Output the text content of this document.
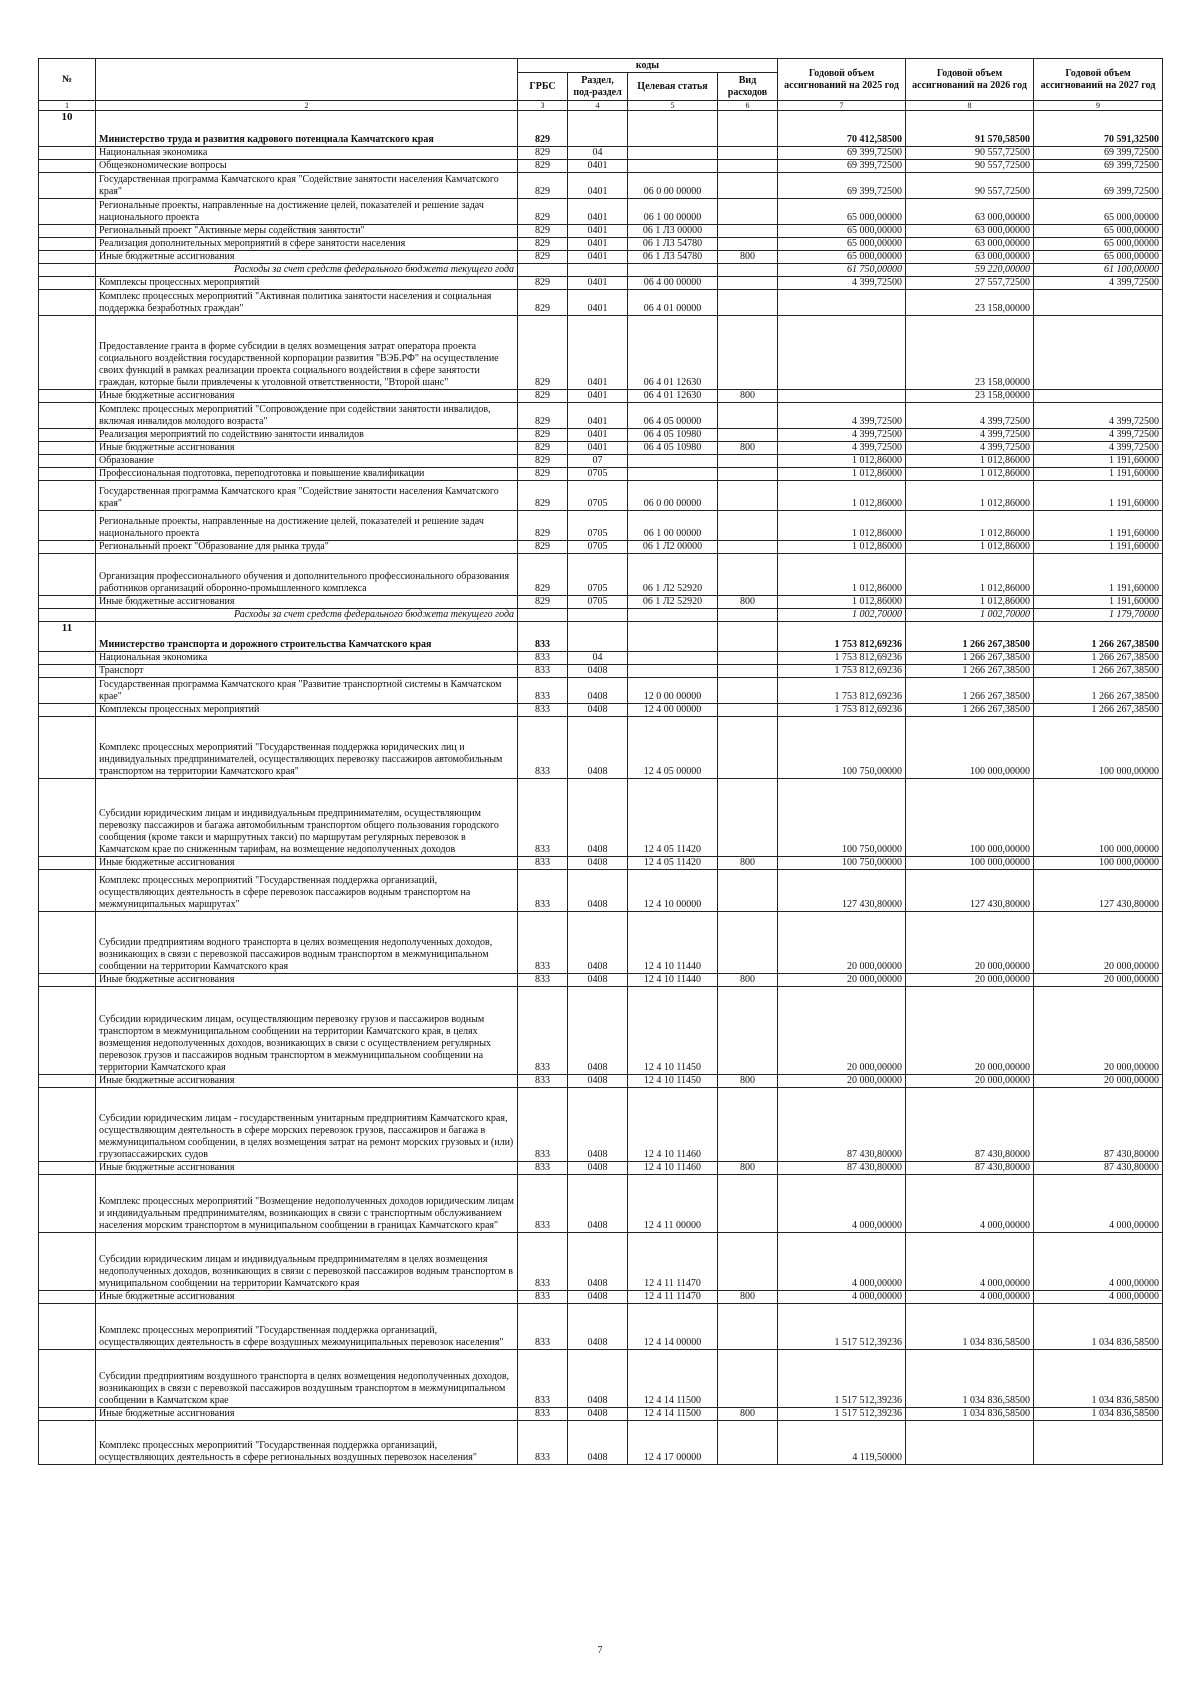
№		коды				Годовой объем ассигнований на 2025 год	Годовой объем ассигнований на 2026 год	Годовой объем ассигнований на 2027 год
		ГРБС	Раздел, под-раздел	Целевая статья	Вид расходов			
1	2	3	4	5	6	7	8	9
10	Министерство труда и развития кадрового потенциала Камчатского края	829				70 412,58500	91 570,58500	70 591,32500
	Национальная экономика	829	04			69 399,72500	90 557,72500	69 399,72500
	Общеэкономические вопросы	829	0401			69 399,72500	90 557,72500	69 399,72500
	Государственная программа Камчатского края "Содействие занятости населения Камчатского края"	829	0401	06 0 00 00000		69 399,72500	90 557,72500	69 399,72500
	Региональные проекты, направленные на достижение целей, показателей и решение задач национального проекта	829	0401	06 1 00 00000		65 000,00000	63 000,00000	65 000,00000
	Региональный проект "Активные меры содействия занятости"	829	0401	06 1 Л3 00000		65 000,00000	63 000,00000	65 000,00000
	Реализация дополнительных мероприятий в сфере занятости населения	829	0401	06 1 Л3 54780		65 000,00000	63 000,00000	65 000,00000
	Иные бюджетные ассигнования	829	0401	06 1 Л3 54780	800	65 000,00000	63 000,00000	65 000,00000
	Расходы за счет средств федерального бюджета текущего года					61 750,00000	59 220,00000	61 100,00000
	Комплексы процессных мероприятий	829	0401	06 4 00 00000		4 399,72500	27 557,72500	4 399,72500
	Комплекс процессных мероприятий "Активная политика занятости населения и социальная поддержка безработных граждан"	829	0401	06 4 01 00000			23 158,00000	
	Предоставление гранта в форме субсидии в целях возмещения затрат оператора проекта социального воздействия государственной корпорации развития "ВЭБ.РФ" на осуществление своих функций в рамках реализации проекта социального воздействия в сфере занятости граждан, которые были привлечены к уголовной ответственности, "Второй шанс"	829	0401	06 4 01 12630			23 158,00000	
	Иные бюджетные ассигнования	829	0401	06 4 01 12630	800		23 158,00000	
	Комплекс процессных мероприятий "Сопровождение при содействии занятости инвалидов, включая инвалидов молодого возраста"	829	0401	06 4 05 00000		4 399,72500	4 399,72500	4 399,72500
	Реализация мероприятий по содействию занятости инвалидов	829	0401	06 4 05 10980		4 399,72500	4 399,72500	4 399,72500
	Иные бюджетные ассигнования	829	0401	06 4 05 10980	800	4 399,72500	4 399,72500	4 399,72500
	Образование	829	07			1 012,86000	1 012,86000	1 191,60000
	Профессиональная подготовка, переподготовка и повышение квалификации	829	0705			1 012,86000	1 012,86000	1 191,60000
	Государственная программа Камчатского края "Содействие занятости населения Камчатского края"	829	0705	06 0 00 00000		1 012,86000	1 012,86000	1 191,60000
	Региональные проекты, направленные на достижение целей, показателей и решение задач национального проекта	829	0705	06 1 00 00000		1 012,86000	1 012,86000	1 191,60000
	Региональный проект "Образование для рынка труда"	829	0705	06 1 Л2 00000		1 012,86000	1 012,86000	1 191,60000
	Организация профессионального обучения и дополнительного профессионального образования работников организаций оборонно-промышленного комплекса	829	0705	06 1 Л2 52920		1 012,86000	1 012,86000	1 191,60000
	Иные бюджетные ассигнования	829	0705	06 1 Л2 52920	800	1 012,86000	1 012,86000	1 191,60000
	Расходы за счет средств федерального бюджета текущего года					1 002,70000	1 002,70000	1 179,70000
11	Министерство транспорта и дорожного строительства Камчатского края	833				1 753 812,69236	1 266 267,38500	1 266 267,38500
	Национальная экономика	833	04			1 753 812,69236	1 266 267,38500	1 266 267,38500
	Транспорт	833	0408			1 753 812,69236	1 266 267,38500	1 266 267,38500
	Государственная программа Камчатского края "Развитие транспортной системы в Камчатском крае"	833	0408	12 0 00 00000		1 753 812,69236	1 266 267,38500	1 266 267,38500
	Комплексы процессных мероприятий	833	0408	12 4 00 00000		1 753 812,69236	1 266 267,38500	1 266 267,38500
	Комплекс процессных мероприятий "Государственная поддержка юридических лиц и индивидуальных предпринимателей, осуществляющих перевозку пассажиров автомобильным транспортом на территории Камчатского края"	833	0408	12 4 05 00000		100 750,00000	100 000,00000	100 000,00000
	Субсидии юридическим лицам и индивидуальным предпринимателям, осуществляющим перевозку пассажиров и багажа автомобильным транспортом общего пользования городского сообщения (кроме такси и маршрутных такси) по маршрутам регулярных перевозок в Камчатском крае по сниженным тарифам, на возмещение недополученных доходов	833	0408	12 4 05 11420		100 750,00000	100 000,00000	100 000,00000
	Иные бюджетные ассигнования	833	0408	12 4 05 11420	800	100 750,00000	100 000,00000	100 000,00000
	Комплекс процессных мероприятий "Государственная поддержка организаций, осуществляющих деятельность в сфере перевозок пассажиров водным транспортом на межмуниципальных маршрутах"	833	0408	12 4 10 00000		127 430,80000	127 430,80000	127 430,80000
	Субсидии предприятиям водного транспорта в целях возмещения недополученных доходов, возникающих в связи с перевозкой пассажиров водным транспортом в межмуниципальном сообщении на территории Камчатского края	833	0408	12 4 10 11440		20 000,00000	20 000,00000	20 000,00000
	Иные бюджетные ассигнования	833	0408	12 4 10 11440	800	20 000,00000	20 000,00000	20 000,00000
	Субсидии юридическим лицам, осуществляющим перевозку грузов и пассажиров водным транспортом в межмуниципальном сообщении на территории Камчатского края, в целях возмещения недополученных доходов, возникающих в связи с осуществлением регулярных перевозок грузов и пассажиров водным транспортом в межмуниципальном сообщении на территории Камчатского края	833	0408	12 4 10 11450		20 000,00000	20 000,00000	20 000,00000
	Иные бюджетные ассигнования	833	0408	12 4 10 11450	800	20 000,00000	20 000,00000	20 000,00000
	Субсидии юридическим лицам - государственным унитарным предприятиям Камчатского края, осуществляющим деятельность в сфере морских перевозок грузов, пассажиров и багажа в межмуниципальном сообщении, в целях возмещения затрат на ремонт морских грузовых и (или) грузопассажирских судов	833	0408	12 4 10 11460		87 430,80000	87 430,80000	87 430,80000
	Иные бюджетные ассигнования	833	0408	12 4 10 11460	800	87 430,80000	87 430,80000	87 430,80000
	Комплекс процессных мероприятий "Возмещение недополученных доходов юридическим лицам и индивидуальным предпринимателям, возникающих в связи с транспортным обслуживанием населения морским транспортом в муниципальном сообщении в границах Камчатского края"	833	0408	12 4 11 00000		4 000,00000	4 000,00000	4 000,00000
	Субсидии юридическим лицам и индивидуальным предпринимателям в целях возмещения недополученных доходов, возникающих в связи с перевозкой пассажиров водным транспортом в муниципальном сообщении на территории Камчатского края	833	0408	12 4 11 11470		4 000,00000	4 000,00000	4 000,00000
	Иные бюджетные ассигнования	833	0408	12 4 11 11470	800	4 000,00000	4 000,00000	4 000,00000
	Комплекс процессных мероприятий "Государственная поддержка организаций, осуществляющих деятельность в сфере воздушных межмуниципальных перевозок населения"	833	0408	12 4 14 00000		1 517 512,39236	1 034 836,58500	1 034 836,58500
	Субсидии предприятиям воздушного транспорта в целях возмещения недополученных доходов, возникающих в связи с перевозкой пассажиров воздушным транспортом в межмуниципальном сообщении в Камчатском крае	833	0408	12 4 14 11500		1 517 512,39236	1 034 836,58500	1 034 836,58500
	Иные бюджетные ассигнования	833	0408	12 4 14 11500	800	1 517 512,39236	1 034 836,58500	1 034 836,58500
	Комплекс процессных мероприятий "Государственная поддержка организаций, осуществляющих деятельность в сфере региональных воздушных перевозок населения"	833	0408	12 4 17 00000		4 119,50000		
7
